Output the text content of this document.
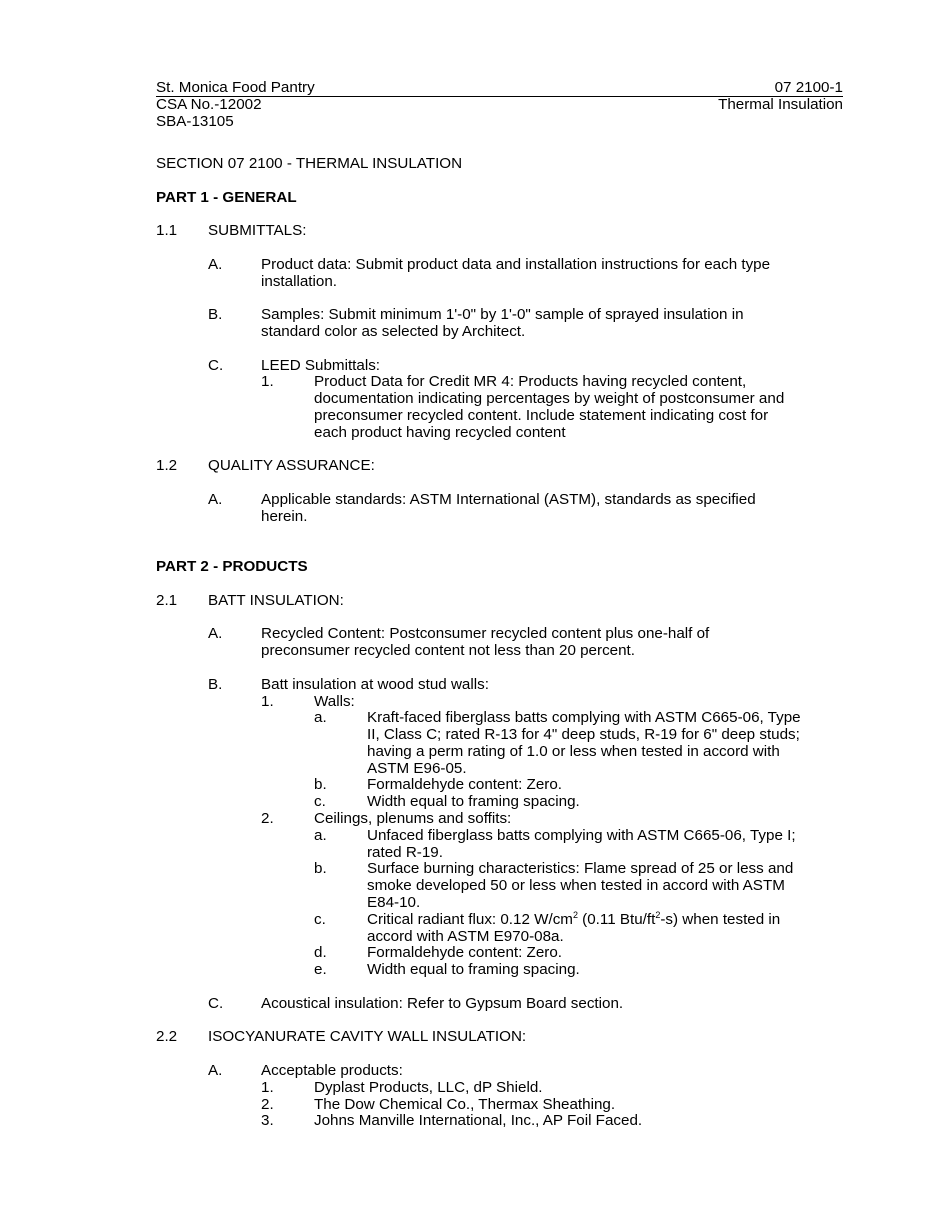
St. Monica Food Pantry	07 2100-1
CSA No.-12002	Thermal Insulation
SBA-13105
SECTION 07 2100 - THERMAL INSULATION
PART 1 - GENERAL
1.1 SUBMITTALS:
A.	Product data: Submit product data and installation instructions for each type
installation.
B.	Samples: Submit minimum 1'-0" by 1'-0" sample of sprayed insulation in
standard color as selected by Architect.
C. LEED Submittals:
1.	Product Data for Credit MR 4: Products having recycled content,
documentation indicating percentages by weight of postconsumer and
preconsumer recycled content. Include statement indicating cost for
each product having recycled content
1.2 QUALITY ASSURANCE:
A.	Applicable standards: ASTM International (ASTM), standards as specified
herein.
PART 2 - PRODUCTS
2.1 BATT INSULATION:
A.	Recycled Content: Postconsumer recycled content plus one-half of
preconsumer recycled content not less than 20 percent.
B.	Batt insulation at wood stud walls:
1.	Walls:
a.	Kraft-faced fiberglass batts complying with ASTM C665-06, Type
II, Class C; rated R-13 for 4" deep studs, R-19 for 6" deep studs;
having a perm rating of 1.0 or less when tested in accord with
ASTM E96-05.
b.	Formaldehyde content: Zero.
c.	Width equal to framing spacing.
2.	Ceilings, plenums and soffits:
a.	Unfaced fiberglass batts complying with ASTM C665-06, Type I;
rated R-19.
b.	Surface burning characteristics: Flame spread of 25 or less and
smoke developed 50 or less when tested in accord with ASTM
E84-10.
c.	Critical radiant flux: 0.12 $W/cm^2$ (0.11 Btu/$ft^2-s$) when tested in
accord with ASTM E970-08a.
d.	Formaldehyde content: Zero.
e.	Width equal to framing spacing.
C. Acoustical insulation: Refer to Gypsum Board section.
2.2 ISOCYANURATE CAVITY WALL INSULATION:
A.	Acceptable products:
1.	Dyplast Products, LLC, dP Shield.
2.	The Dow Chemical Co., Thermax Sheathing.
3.	Johns Manville International, Inc., AP Foil Faced.
